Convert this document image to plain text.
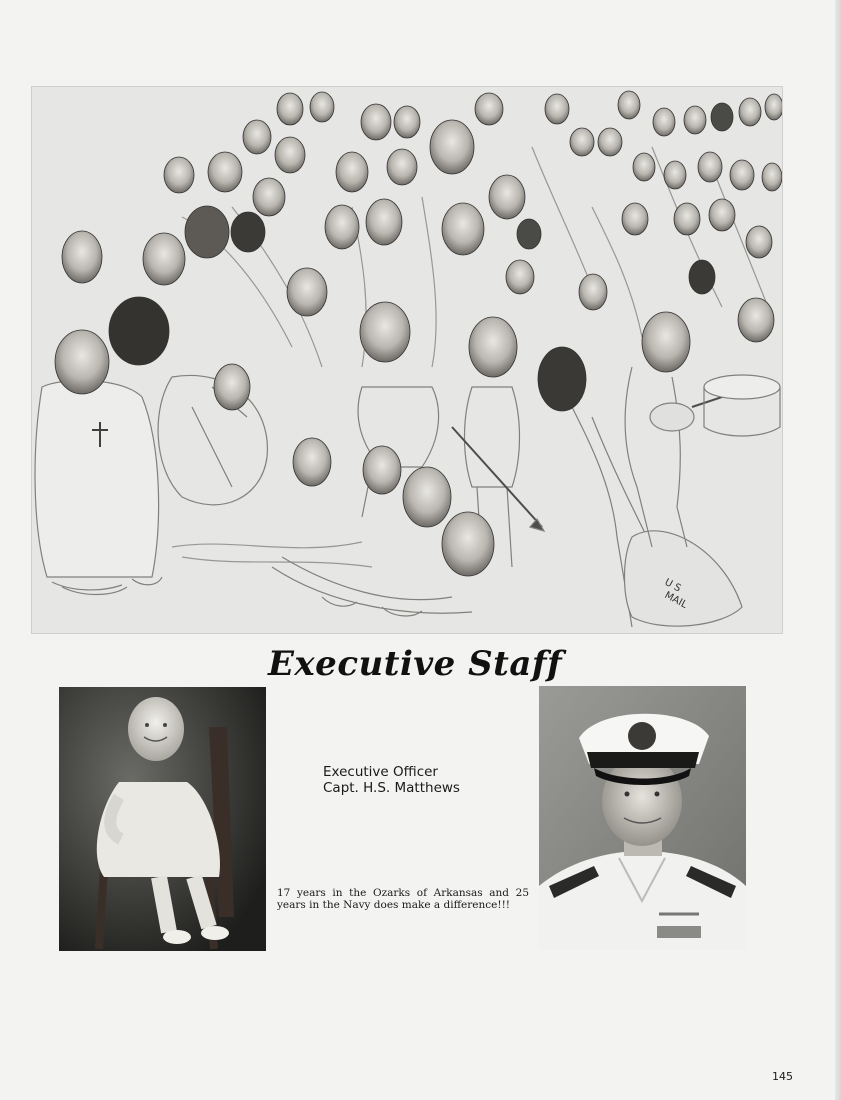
U S
MAIL
Executive Staff
Executive Officer
Capt. H.S. Matthews
17 years in the Ozarks of Arkansas and 25 years in the Navy does make a difference!!!
145
